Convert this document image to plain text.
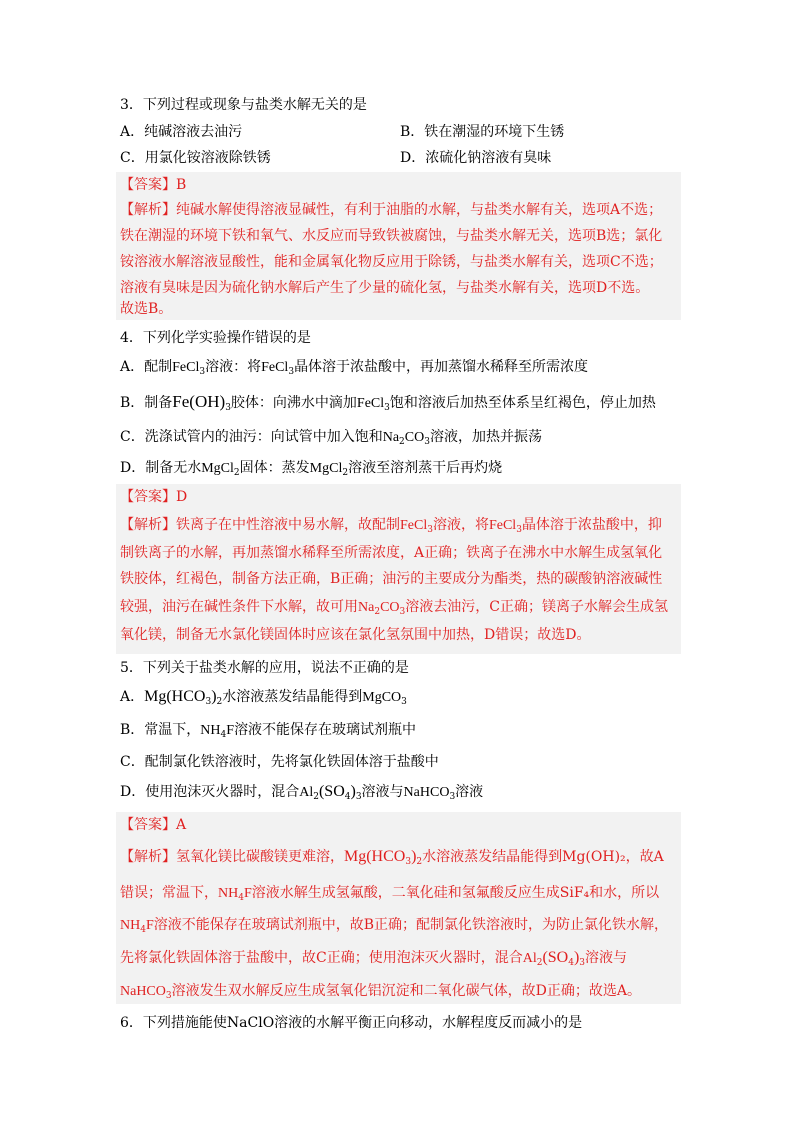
3．下列过程或现象与盐类水解无关的是
A．纯碱溶液去油污	B．铁在潮湿的环境下生锈
C．用氯化铵溶液除铁锈	D．浓硫化钠溶液有臭味
【答案】B
【解析】纯碱水解使得溶液显碱性，有利于油脂的水解，与盐类水解有关，选项A不选；
铁在潮湿的环境下铁和氧气、水反应而导致铁被腐蚀，与盐类水解无关，选项B选；氯化
铵溶液水解溶液显酸性，能和金属氧化物反应用于除锈，与盐类水解有关，选项C不选；
溶液有臭味是因为硫化钠水解后产生了少量的硫化氢，与盐类水解有关，选项D不选。
故选B。
4．下列化学实验操作错误的是
A．配制FeCl$_3$溶液：将FeCl$_3$晶体溶于浓盐酸中，再加蒸馏水稀释至所需浓度
B．制备$Fe(OH)_3$胶体：向沸水中滴加FeCl$_3$饱和溶液后加热至体系呈红褐色，停止加热
C．洗涤试管内的油污：向试管中加入饱和$Na_2CO_3$溶液，加热并振荡
D．制备无水MgCl$_2$固体：蒸发MgCl$_2$溶液至溶剂蒸干后再灼烧
【答案】D
【解析】铁离子在中性溶液中易水解，故配制FeCl$_3$溶液，将FeCl$_3$晶体溶于浓盐酸中，抑
制铁离子的水解，再加蒸馏水稀释至所需浓度，A正确；铁离子在沸水中水解生成氢氧化
铁胶体，红褐色，制备方法正确，B正确；油污的主要成分为酯类，热的碳酸钠溶液碱性
较强，油污在碱性条件下水解，故可用$Na_2CO_3$溶液去油污，C正确；镁离子水解会生成氢
氧化镁，制备无水氯化镁固体时应该在氯化氢氛围中加热，D错误；故选D。
5．下列关于盐类水解的应用，说法不正确的是
A．$Mg(HCO_3)_2$水溶液蒸发结晶能得到MgCO$_3$
B．常温下，$NH_4F$溶液不能保存在玻璃试剂瓶中
C．配制氯化铁溶液时，先将氯化铁固体溶于盐酸中
D．使用泡沫灭火器时，混合$Al_2(SO_4)_3$溶液与NaHCO$_3$溶液
【答案】A
【解析】氢氧化镁比碳酸镁更难溶，$Mg(HCO_3)_2$水溶液蒸发结晶能得到Mg(OH)₂，故A
错误；常温下，$NH_4F$溶液水解生成氢氟酸，二氧化硅和氢氟酸反应生成SiF₄和水，所以
$NH_4F$溶液不能保存在玻璃试剂瓶中，故B正确；配制氯化铁溶液时，为防止氯化铁水解，
先将氯化铁固体溶于盐酸中，故C正确；使用泡沫灭火器时，混合$Al_2(SO_4)_3$溶液与
NaHCO$_3$溶液发生双水解反应生成氢氧化铝沉淀和二氧化碳气体，故D正确；故选A。
6．下列措施能使NaClO溶液的水解平衡正向移动，水解程度反而减小的是
